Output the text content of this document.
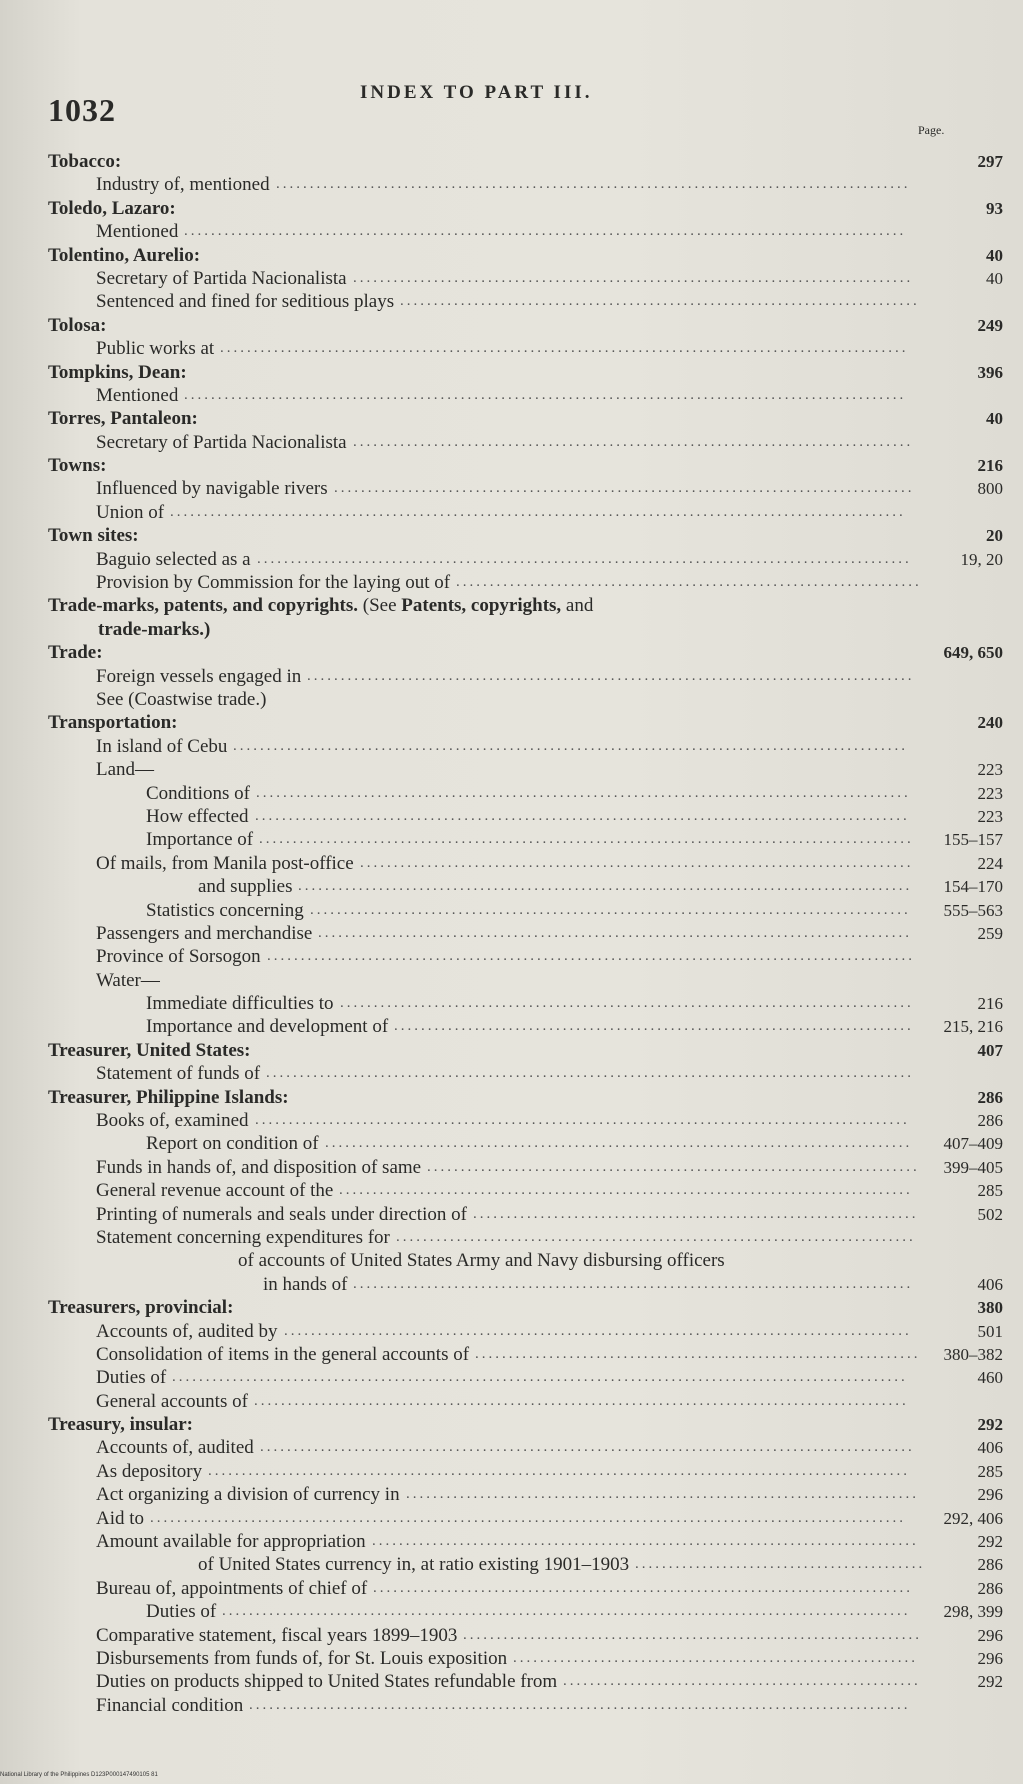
1032	INDEX TO PART III.
Page.
Tobacco:	297
Industry of, mentioned ..............................................................................................
Toledo, Lazaro:	93
Mentioned ...........................................................................................................
Tolentino, Aurelio:	40
Secretary of Partida Nacionalista ...................................................................................	40
Sentenced and fined for seditious plays .............................................................................
Tolosa:	249
Public works at ......................................................................................................
Tompkins, Dean:	396
Mentioned ...........................................................................................................
Torres, Pantaleon:	40
Secretary of Partida Nacionalista ...................................................................................
Towns:	216
Influenced by navigable rivers ......................................................................................	800
Union of .............................................................................................................
Town sites:	20
Baguio selected as a .................................................................................................	19, 20
Provision by Commission for the laying out of .....................................................................
Trade-marks, patents, and copyrights. (See Patents, copyrights, and
trade-marks.)
Trade:	649, 650
Foreign vessels engaged in ..........................................................................................
See (Coastwise trade.)
Transportation:	240
In island of Cebu ....................................................................................................
Land—	223
Conditions of .................................................................................................	223
How effected .................................................................................................	223
Importance of .................................................................................................	155–157
Of mails, from Manila post-office ..................................................................................	224
and supplies ...........................................................................................	154–170
Statistics concerning .........................................................................................	555–563
Passengers and merchandise ........................................................................................	259
Province of Sorsogon ................................................................................................
Water—
Immediate difficulties to .....................................................................................	216
Importance and development of .............................................................................	215, 216
Treasurer, United States:	407
Statement of funds of ................................................................................................
Treasurer, Philippine Islands:	286
Books of, examined .................................................................................................	286
Report on condition of .......................................................................................	407–409
Funds in hands of, and disposition of same .........................................................................	399–405
General revenue account of the .....................................................................................	285
Printing of numerals and seals under direction of ..................................................................	502
Statement concerning expenditures for .............................................................................
of accounts of United States Army and Navy disbursing officers
in hands of ...................................................................................	406
Treasurers, provincial:	380
Accounts of, audited by .............................................................................................	501
Consolidation of items in the general accounts of ..................................................................	380–382
Duties of .............................................................................................................	460
General accounts of .................................................................................................
Treasury, insular:	292
Accounts of, audited .................................................................................................	406
As depository ........................................................................................................	285
Act organizing a division of currency in ............................................................................	296
Aid to ................................................................................................................	292, 406
Amount available for appropriation .................................................................................	292
of United States currency in, at ratio existing 1901–1903 ...........................................	286
Bureau of, appointments of chief of ................................................................................	286
Duties of ......................................................................................................	298, 399
Comparative statement, fiscal years 1899–1903 ....................................................................	296
Disbursements from funds of, for St. Louis exposition ............................................................	296
Duties on products shipped to United States refundable from .....................................................	292
Financial condition ..................................................................................................
National Library of the Philippines D123P000147490105 81
